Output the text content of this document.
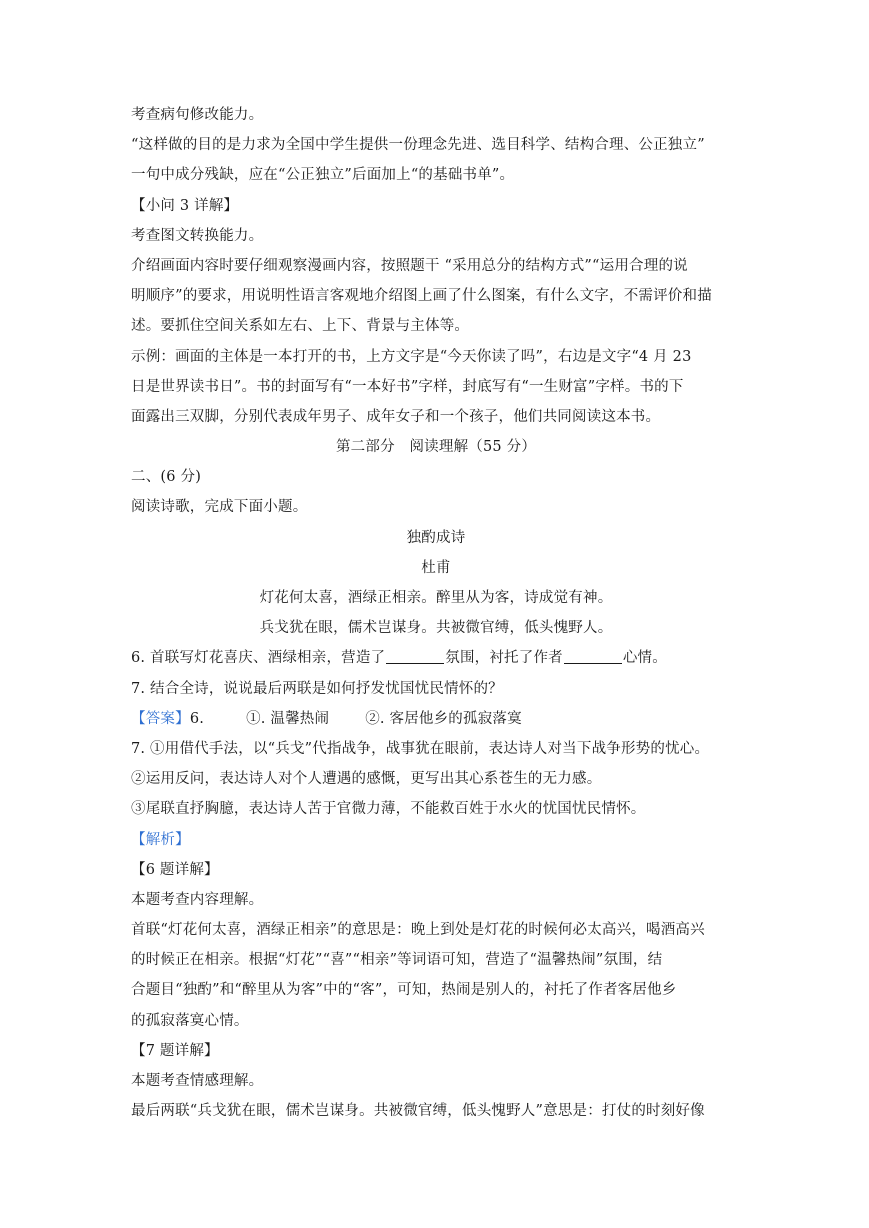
考查病句修改能力。
“这样做的目的是力求为全国中学生提供一份理念先进、选目科学、结构合理、公正独立”
一句中成分残缺，应在“公正独立”后面加上“的基础书单”。
【小问 3 详解】
考查图文转换能力。
介绍画面内容时要仔细观察漫画内容，按照题干 “采用总分的结构方式”“运用合理的说
明顺序”的要求，用说明性语言客观地介绍图上画了什么图案，有什么文字，不需评价和描
述。要抓住空间关系如左右、上下、背景与主体等。
示例：画面的主体是一本打开的书，上方文字是“今天你读了吗”，右边是文字“4 月 23
日是世界读书日”。书的封面写有“一本好书”字样，封底写有“一生财富”字样。书的下
面露出三双脚，分别代表成年男子、成年女子和一个孩子，他们共同阅读这本书。
第二部分　阅读理解（55 分）
二、(6 分)
阅读诗歌，完成下面小题。
独酌成诗
杜甫
灯花何太喜，酒绿正相亲。醉里从为客，诗成觉有神。
兵戈犹在眼，儒术岂谋身。共被微官缚，低头愧野人。
6. 首联写灯花喜庆、酒绿相亲，营造了	氛围，衬托了作者	心情。
7. 结合全诗，说说最后两联是如何抒发忧国忧民情怀的？
【答案】6.	①. 温馨热闹 ②. 客居他乡的孤寂落寞
7. ①用借代手法，以“兵戈”代指战争，战事犹在眼前，表达诗人对当下战争形势的忧心。
②运用反问，表达诗人对个人遭遇的感慨，更写出其心系苍生的无力感。
③尾联直抒胸臆，表达诗人苦于官微力薄，不能救百姓于水火的忧国忧民情怀。
【解析】
【6 题详解】
本题考查内容理解。
首联“灯花何太喜，酒绿正相亲”的意思是：晚上到处是灯花的时候何必太高兴，喝酒高兴
的时候正在相亲。根据“灯花”“喜”“相亲”等词语可知，营造了“温馨热闹”氛围，结
合题目“独酌”和“醉里从为客”中的“客”，可知，热闹是别人的，衬托了作者客居他乡
的孤寂落寞心情。
【7 题详解】
本题考查情感理解。
最后两联“兵戈犹在眼，儒术岂谋身。共被微官缚，低头愧野人”意思是：打仗的时刻好像
